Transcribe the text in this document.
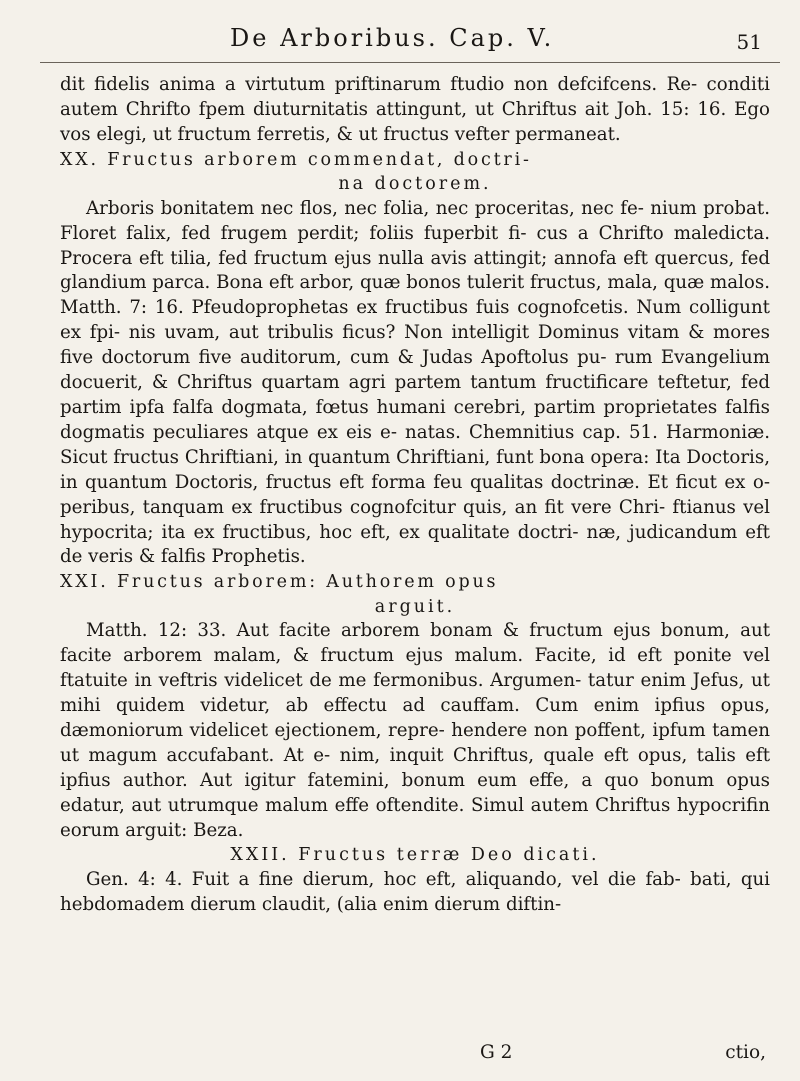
De Arboribus. Cap. V.	51

dit fidelis anima a virtutum priftinarum ftudio non defcifcens. Re- conditi autem Chrifto fpem diuturnitatis attingunt, ut Chriftus ait Joh. 15: 16. Ego vos elegi, ut fructum ferretis, & ut fructus vefter permaneat.

XX. Fructus arborem commendat, doctri-
na doctorem.

Arboris bonitatem nec flos, nec folia, nec proceritas, nec fe- nium probat. Floret falix, fed frugem perdit; foliis fuperbit fi- cus a Chrifto maledicta. Procera eft tilia, fed fructum ejus nulla avis attingit; annofa eft quercus, fed glandium parca. Bona eft arbor, quæ bonos tulerit fructus, mala, quæ malos. Matth. 7: 16. Pfeudoprophetas ex fructibus fuis cognofcetis. Num colligunt ex fpi- nis uvam, aut tribulis ficus? Non intelligit Dominus vitam & mores five doctorum five auditorum, cum & Judas Apoftolus pu- rum Evangelium docuerit, & Chriftus quartam agri partem tantum fructificare teftetur, fed partim ipfa falfa dogmata, fœtus humani cerebri, partim proprietates falfis dogmatis peculiares atque ex eis e- natas. Chemnitius cap. 51. Harmoniæ. Sicut fructus Chriftiani, in quantum Chriftiani, funt bona opera: Ita Doctoris, in quantum Doctoris, fructus eft forma feu qualitas doctrinæ. Et ficut ex o- peribus, tanquam ex fructibus cognofcitur quis, an fit vere Chri- ftianus vel hypocrita; ita ex fructibus, hoc eft, ex qualitate doctri- næ, judicandum eft de veris & falfis Prophetis.

XXI. Fructus arborem: Authorem opus
arguit.

Matth. 12: 33. Aut facite arborem bonam & fructum ejus bonum, aut facite arborem malam, & fructum ejus malum. Facite, id eft ponite vel ftatuite in veftris videlicet de me fermonibus. Argumen- tatur enim Jefus, ut mihi quidem videtur, ab effectu ad cauffam. Cum enim ipfius opus, dæmoniorum videlicet ejectionem, repre- hendere non poffent, ipfum tamen ut magum accufabant. At e- nim, inquit Chriftus, quale eft opus, talis eft ipfius author. Aut igitur fatemini, bonum eum effe, a quo bonum opus edatur, aut utrumque malum effe oftendite. Simul autem Chriftus hypocrifin eorum arguit: Beza.

XXII. Fructus terræ Deo dicati.

Gen. 4: 4. Fuit a fine dierum, hoc eft, aliquando, vel die fab- bati, qui hebdomadem dierum claudit, (alia enim dierum diftin-

G 2	ctio,
